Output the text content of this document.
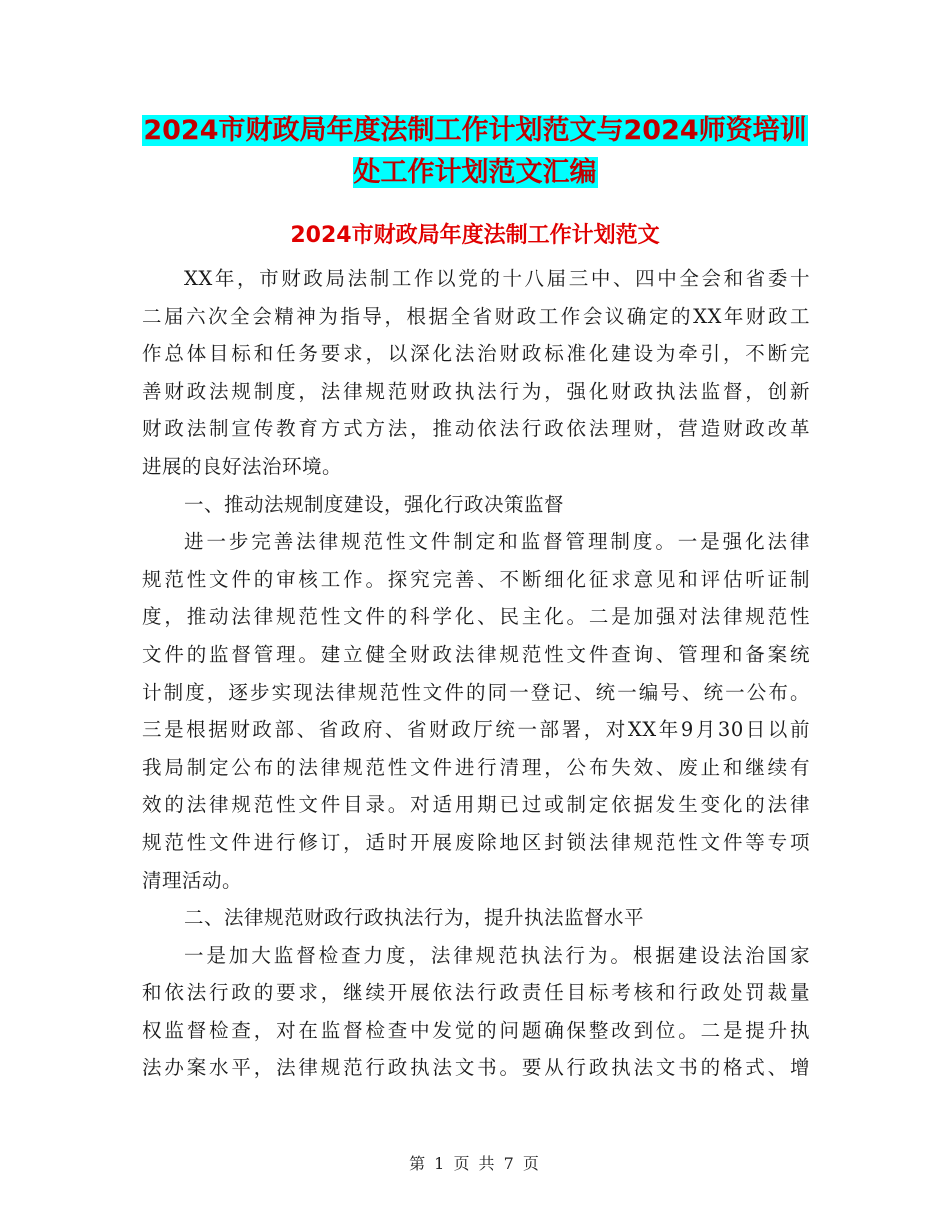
2024市财政局年度法制工作计划范文与2024师资培训
处工作计划范文汇编
2024市财政局年度法制工作计划范文
XX年，市财政局法制工作以党的十八届三中、四中全会和省委十
二届六次全会精神为指导，根据全省财政工作会议确定的XX年财政工
作总体目标和任务要求，以深化法治财政标准化建设为牵引，不断完
善财政法规制度，法律规范财政执法行为，强化财政执法监督，创新
财政法制宣传教育方式方法，推动依法行政依法理财，营造财政改革
进展的良好法治环境。
一、推动法规制度建设，强化行政决策监督
进一步完善法律规范性文件制定和监督管理制度。一是强化法律
规范性文件的审核工作。探究完善、不断细化征求意见和评估听证制
度，推动法律规范性文件的科学化、民主化。二是加强对法律规范性
文件的监督管理。建立健全财政法律规范性文件查询、管理和备案统
计制度，逐步实现法律规范性文件的同一登记、统一编号、统一公布。
三是根据财政部、省政府、省财政厅统一部署，对XX年9月30日以前
我局制定公布的法律规范性文件进行清理，公布失效、废止和继续有
效的法律规范性文件目录。对适用期已过或制定依据发生变化的法律
规范性文件进行修订，适时开展废除地区封锁法律规范性文件等专项
清理活动。
二、法律规范财政行政执法行为，提升执法监督水平
一是加大监督检查力度，法律规范执法行为。根据建设法治国家
和依法行政的要求，继续开展依法行政责任目标考核和行政处罚裁量
权监督检查，对在监督检查中发觉的问题确保整改到位。二是提升执
法办案水平，法律规范行政执法文书。要从行政执法文书的格式、增
第 1 页 共 7 页
